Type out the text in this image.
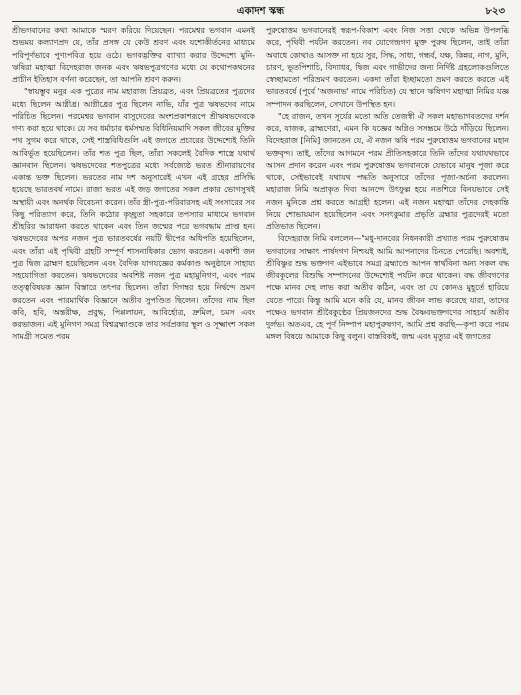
একাদশ স্কন্ধ	৮২৩

শ্রীভগবানের কথা আমাকে স্মরণ করিয়ে দিয়েছেন। পরমেশ্বর ভগবান এমনই শুভময় কল্যাণপ্রদ যে, তাঁর প্রসঙ্গ যে কেউ শ্রবণ এবং যশোকীর্তনের মাধ্যমে পরিপূর্ণভাবে পুণ্যপবিত্র হয়ে ওঠে। ভগবদ্ভক্তির ব্যাখ্যা করার উদ্দেশ্যে মুনি-ঋষিরা মহাত্মা বিদেহরাজ জনক এবং ঋষভপুত্রগণের মধ্যে যে কথোপকথনের প্রাচীন ইতিহাস বর্ণনা করেছেন, তা আপনি শ্রবণ করুন।

"স্বায়ম্ভুব মনুর এক পুত্রের নাম মহারাজ প্রিয়ব্রত, এবং প্রিয়ব্রতের পুত্রদের মধ্যে ছিলেন আগ্নীধ্র। আগ্নীধ্রের পুত্র ছিলেন নাভি, যাঁর পুত্র ঋষভদেব নামে পরিচিত ছিলেন। পরমেশ্বর ভগবান বাসুদেবের অংশপ্রকাশরূপে শ্রীঋষভদেবকে গণ্য করা হয়ে থাকে। যে সব ধর্মাচার ধর্মসম্মত বিধিনিয়মাদি সকল জীবের মুক্তির পথ সুগম করে থাকে, সেই শাস্ত্রবিধিগুলি এই জগতে প্রচারের উদ্দেশ্যেই তিনি আবির্ভূত হয়েছিলেন। তাঁর শত পুত্র ছিল, তাঁরা সকলেই বৈদিক শাস্ত্রে যথার্থ জ্ঞানবান ছিলেন। ঋষভদেবের শতপুত্রের মধ্যে সর্বজ্যেষ্ঠ ভরত শ্রীনারায়ণের একান্ত ভক্ত ছিলেন। ভরতের নাম দশ অনুসারেই এখন এই গ্রহের প্রসিদ্ধি হয়েছে ভারতবর্ষ নামে। রাজা ভরত এই জড় জগতের সকল প্রকার ভোগসুখই অস্থায়ী এবং অনর্থক বিবেচনা করেন। তাঁর স্ত্রী-পুত্র-পরিবারসহ এই সংসারের সব কিছু পরিত্যাগ করে, তিনি কঠোর কৃচ্ছ্রতা সহকারে তপস্যার মাধ্যমে ভগবান শ্রীহরির আরাধনা করতে থাকেন এবং তিন জন্মের পরে ভগবদ্ধাম প্রাপ্ত হন। ঋষভদেবের অপর নজন পুত্র ভারতবর্ষের নয়টি দ্বীপের অধিপতি হয়েছিলেন, এবং তাঁরা এই পৃথিবী গ্রহটি সম্পূর্ণ শাসনাধিকার ভোগ করতেন। একাশী জন পুত্র দ্বিজ ব্রাহ্মণ হয়েছিলেন এবং বৈদিক যাগযজ্ঞের কর্মকাণ্ড অনুষ্ঠানে সাহায্য সহযোগিতা করতেন। ঋষভদেবের অবশিষ্ট নজন পুত্র মহামুনিগণ, এবং পরম তত্ত্ববিষয়ক জ্ঞান বিস্তারে তৎপর ছিলেন। তাঁরা দিগম্বর হয়ে নির্দ্বন্দে ভ্রমণ করতেন এবং পারমার্থিক বিজ্ঞানে অতীব সুপণ্ডিত ছিলেন। তাঁদের নাম ছিল কবি, হবি, অন্তরীক্ষ, প্রবুদ্ধ, পিপ্পলায়ন, আবির্হোত্র, দ্রুমিল, চমস এবং করভাজন। এই মুনিগণ সমগ্র বিশ্বব্রহ্মাণ্ডকে তার সর্বপ্রকার স্থূল ও সূক্ষ্মাংশ সকল সামগ্রী সমেত পরম

পুরুষোত্তম ভগবানেরই স্বরূপ-বিকাশ এবং নিজ সত্তা থেকে অভিন্ন উপলব্ধি করে, পৃথিবী পর্যটন করতেন। নব যোগেন্দ্রগণ মুক্ত পুরুষ ছিলেন, তাই তাঁরা অবাধে কোথাও আসক্ত না হয়ে সুর, সিদ্ধ, সাধ্য, গন্ধর্ব, যক্ষ, কিন্নর, নাগ, মুনি, চারণ, ভূতপিশাচি, বিদ্যাধর, দ্বিজ এবং গাভীদের জন্য নির্দিষ্ট গ্রহলোকগুলিতে স্বেচ্ছামতো পরিভ্রমণ করতেন। একদা তাঁরা ইচ্ছামতো ভ্রমণ করতে করতে এই ভারতবর্ষে (পূর্বে 'অজনাভ' নামে পরিচিত) যে স্থানে ঋষিগণ মহাত্মা নিমির যজ্ঞ সম্পাদন করছিলেন, সেখানে উপস্থিত হন।

"হে রাজন, তখন সূর্যের মতো অতি তেজস্বী ঐ সকল মহাভাগবতদের দর্শন করে, যাজক, ব্রাহ্মণেরা, এমন কি যজ্ঞের অগ্নিও সসম্ভ্রমে উঠে দাঁড়িয়ে ছিলেন। বিদেহরাজ [নিমি] জানতেন যে, ঐ নজন ঋষি পরম পুরুষোত্তম ভগবানের মহান ভক্তবৃন্দ। তাই, তাঁদের আগমনে পরম প্রীতিসহকারে তিনি তাঁদের যথাযথভাবে আসন প্রদান করেন এবং পরম পুরুষোত্তম ভগবানকে যেভাবে মানুষ পূজা করে থাকে, সেইভাবেই যথাযথ পদ্ধতি অনুসারে তাঁদের পূজা-অর্চনা করলেন। মহারাজ নিমি অপ্রাকৃত দিব্য আনন্দে উৎফুল্ল হয়ে নতশিরে বিনয়ভাবে সেই নজন মুনিকে প্রশ্ন করতে আগ্রহী হলেন। এই নজন মহাত্মা তাঁদের দেহকান্তি নিয়ে শোভায়মান হয়েছিলেন এবং সনৎকুমার প্রভৃতি ব্রহ্মার পুত্রদেরই মতো প্রতিভাত ছিলেন।

বিদেহরাজ নিমি বললেন—"মধু-দানবের নিধনকারী প্রখ্যাত পরম পুরুষোত্তম ভগবানের সাক্ষাৎ পার্ষদগণ নিশ্চয়ই আমি আপনাদের চিনতে পেরেছি। অবশ্যই, শ্রীবিষ্ণুর শুদ্ধ ভক্তগণ এইভাবে সমগ্র ব্রহ্মাণ্ডে আপন স্বার্থবিনা অন্য সকল বদ্ধ জীবকূলের বিশুদ্ধি সম্পাদনের উদ্দেশ্যেই পর্যটন করে থাকেন। বদ্ধ জীবগণের পক্ষে মানব দেহ লাভ করা অতীব কঠিন, এবং তা যে কোনও মুহূর্তে হারিয়ে যেতে পারে। কিন্তু আমি মনে করি যে, মানব জীবন লাভ করেছে যারা, তাদের পক্ষেও ভগবান শ্রীবৈকুণ্ঠের প্রিয়জনদের শুদ্ধ বৈষ্ণবভক্তগণের সাহচর্য অতীব দুর্লভ। অতএব, হে পূর্ণ নিষ্পাপ মহাপুরুষগণ, আমি প্রশ্ন করছি—কৃপা করে পরম মঙ্গল বিষয়ে আমাকে কিছু বলুন। বাস্তবিকই, জন্ম এবং মৃত্যুর এই জগতের
